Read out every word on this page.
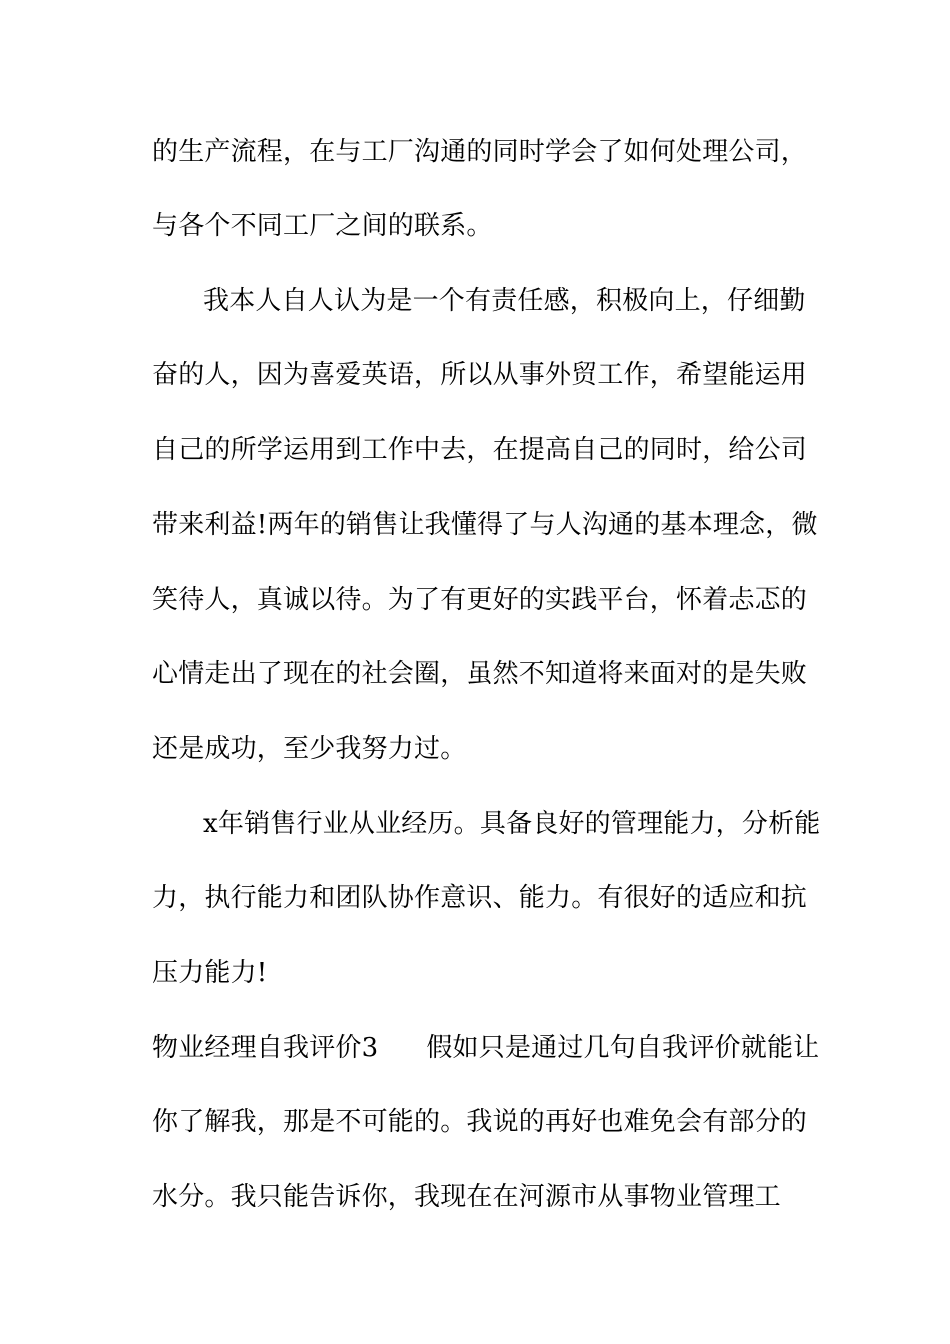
的生产流程，在与工厂沟通的同时学会了如何处理公司，
与各个不同工厂之间的联系。
我本人自人认为是一个有责任感，积极向上，仔细勤
奋的人，因为喜爱英语，所以从事外贸工作，希望能运用
自己的所学运用到工作中去，在提高自己的同时，给公司
带来利益!两年的销售让我懂得了与人沟通的基本理念，微
笑待人，真诚以待。为了有更好的实践平台，怀着忐忑的
心情走出了现在的社会圈，虽然不知道将来面对的是失败
还是成功，至少我努力过。
x年销售行业从业经历。具备良好的管理能力，分析能
力，执行能力和团队协作意识、能力。有很好的适应和抗
压力能力!
物业经理自我评价3 假如只是通过几句自我评价就能让
你了解我，那是不可能的。我说的再好也难免会有部分的
水分。我只能告诉你，我现在在河源市从事物业管理工
